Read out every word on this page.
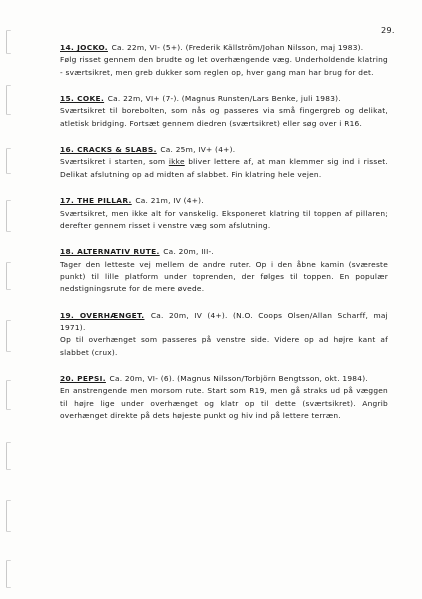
29.
14. JOCKO. Ca. 22m, VI- (5+). (Frederik Källström/Johan Nilsson, maj 1983).
Følg risset gennem den brudte og let overhængende væg. Underholdende klatring - sværtsikret, men greb dukker som reglen op, hver gang man har brug for det.
15. COKE. Ca. 22m, VI+ (7-). (Magnus Runsten/Lars Benke, juli 1983).
Sværtsikret til borebolten, som nås og passeres via små fingergreb og delikat, atletisk bridging. Fortsæt gennem diedren (sværtsikret) eller søg over i R16.
16. CRACKS & SLABS. Ca. 25m, IV+ (4+).
Sværtsikret i starten, som ikke bliver lettere af, at man klemmer sig ind i risset. Delikat afslutning op ad midten af slabbet. Fin klatring hele vejen.
17. THE PILLAR. Ca. 21m, IV (4+).
Sværtsikret, men ikke alt for vanskelig. Eksponeret klatring til toppen af pillaren; derefter gennem risset i venstre væg som afslutning.
18. ALTERNATIV RUTE. Ca. 20m, III-.
Tager den letteste vej mellem de andre ruter. Op i den åbne kamin (sværeste punkt) til lille platform under toprenden, der følges til toppen. En populær nedstigningsrute for de mere øvede.
19. OVERHÆNGET. Ca. 20m, IV (4+). (N.O. Coops Olsen/Allan Scharff, maj 1971).
Op til overhænget som passeres på venstre side. Videre op ad højre kant af slabbet (crux).
20. PEPSI. Ca. 20m, VI- (6). (Magnus Nilsson/Torbjörn Bengtsson, okt. 1984).
En anstrengende men morsom rute. Start som R19, men gå straks ud på væggen til højre lige under overhænget og klatr op til dette (sværtsikret). Angrib overhænget direkte på dets højeste punkt og hiv ind på lettere terræn.
